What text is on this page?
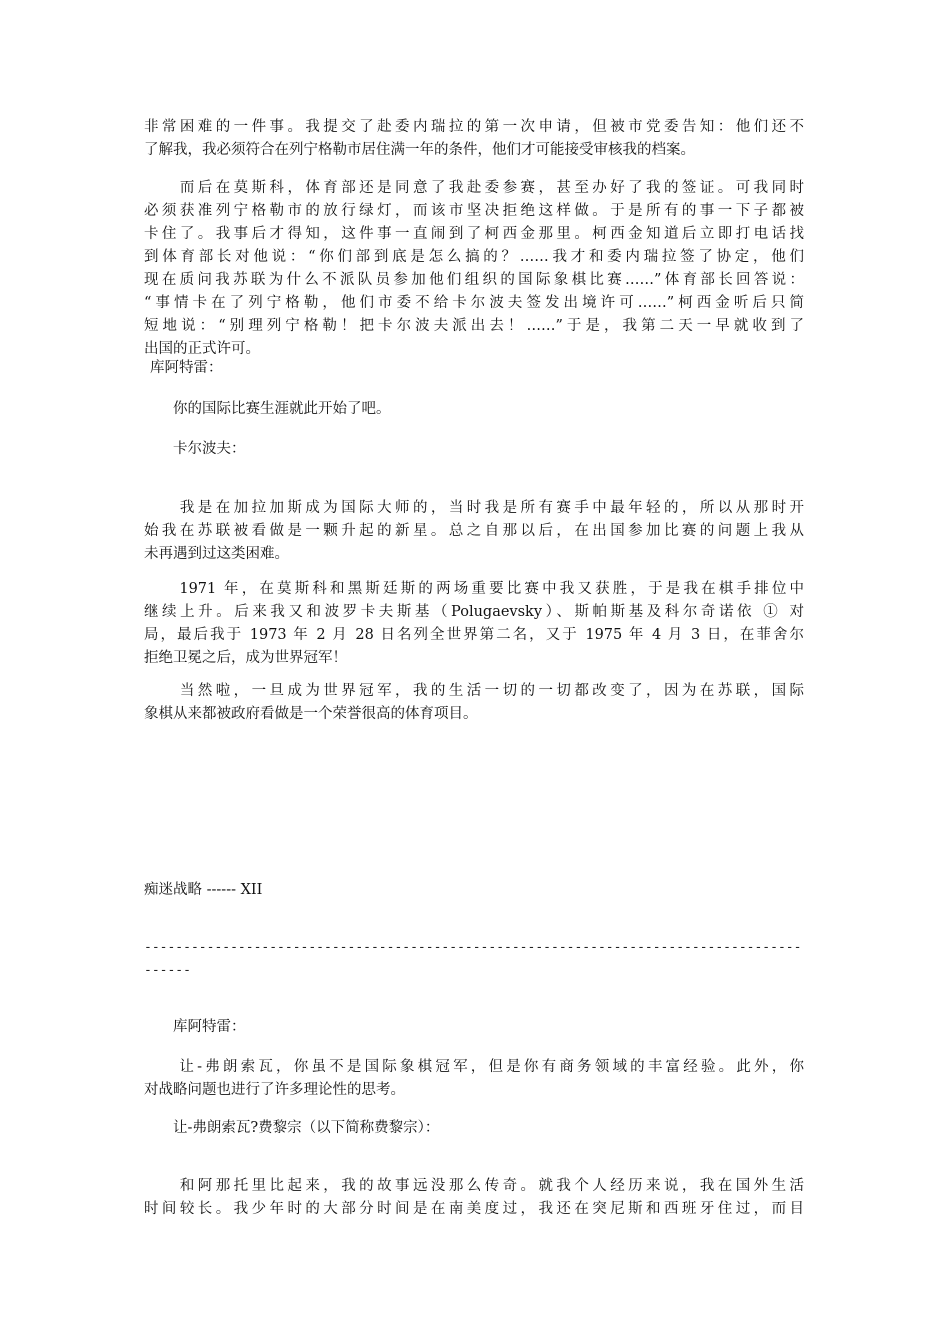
非常困难的一件事。我提交了赴委内瑞拉的第一次申请，但被市党委告知：他们还不
了解我，我必须符合在列宁格勒市居住满一年的条件，他们才可能接受审核我的档案。
　　而后在莫斯科，体育部还是同意了我赴委参赛，甚至办好了我的签证。可我同时
必须获准列宁格勒市的放行绿灯，而该市坚决拒绝这样做。于是所有的事一下子都被
卡住了。我事后才得知，这件事一直闹到了柯西金那里。柯西金知道后立即打电话找
到体育部长对他说：“你们部到底是怎么搞的？……我才和委内瑞拉签了协定，他们
现在质问我苏联为什么不派队员参加他们组织的国际象棋比赛……”体育部长回答说：
“事情卡在了列宁格勒，他们市委不给卡尔波夫签发出境许可……”柯西金听后只简
短地说：“别理列宁格勒！把卡尔波夫派出去！……”于是，我第二天一早就收到了
出国的正式许可。
库阿特雷：
　　你的国际比赛生涯就此开始了吧。
　　卡尔波夫：
　　我是在加拉加斯成为国际大师的，当时我是所有赛手中最年轻的，所以从那时开
始我在苏联被看做是一颗升起的新星。总之自那以后，在出国参加比赛的问题上我从
未再遇到过这类困难。
　　1971 年，在莫斯科和黑斯廷斯的两场重要比赛中我又获胜，于是我在棋手排位中
继续上升。后来我又和波罗卡夫斯基（Polugaevsky）、斯帕斯基及科尔奇诺依 ① 对
局，最后我于 1973 年 2 月 28 日名列全世界第二名，又于 1975 年 4 月 3 日，在菲舍尔
拒绝卫冕之后，成为世界冠军！
　　当然啦，一旦成为世界冠军，我的生活一切的一切都改变了，因为在苏联，国际
象棋从来都被政府看做是一个荣誉很高的体育项目。
痴迷战略 ------ XII
------------------------------------------------------------------------------------------
　　库阿特雷：
　　让-弗朗索瓦，你虽不是国际象棋冠军，但是你有商务领域的丰富经验。此外，你
对战略问题也进行了许多理论性的思考。
　　让-弗朗索瓦?费黎宗（以下简称费黎宗）：
　　和阿那托里比起来，我的故事远没那么传奇。就我个人经历来说，我在国外生活
时间较长。我少年时的大部分时间是在南美度过，我还在突尼斯和西班牙住过，而目
